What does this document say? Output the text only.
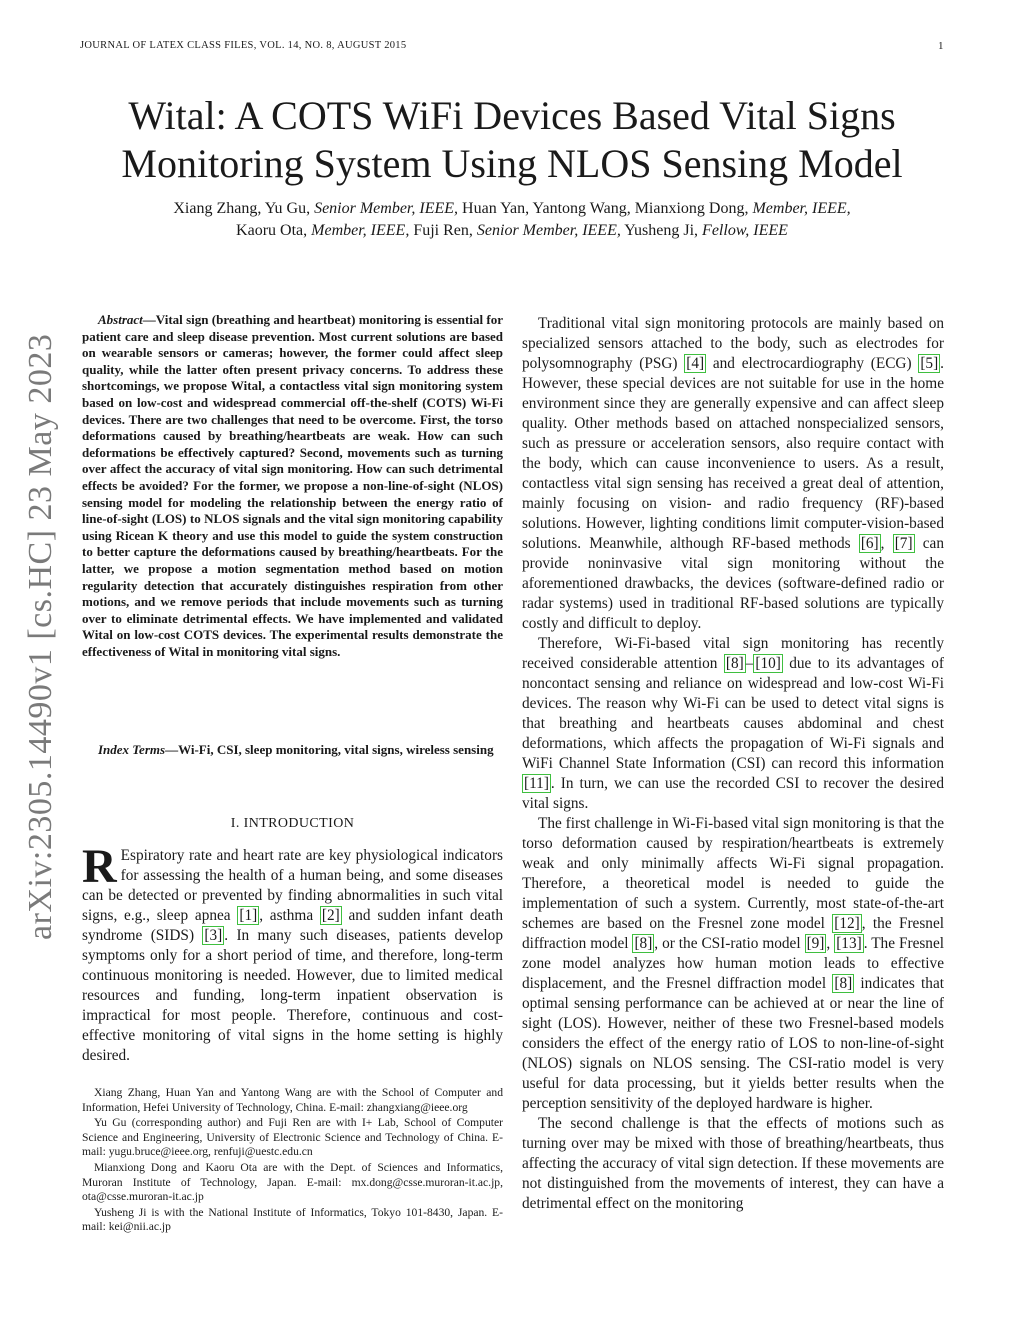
JOURNAL OF LATEX CLASS FILES, VOL. 14, NO. 8, AUGUST 2015	1
Wital: A COTS WiFi Devices Based Vital Signs Monitoring System Using NLOS Sensing Model
Xiang Zhang, Yu Gu, Senior Member, IEEE, Huan Yan, Yantong Wang, Mianxiong Dong, Member, IEEE,
Kaoru Ota, Member, IEEE, Fuji Ren, Senior Member, IEEE, Yusheng Ji, Fellow, IEEE
arXiv:2305.14490v1 [cs.HC] 23 May 2023
Abstract—Vital sign (breathing and heartbeat) monitoring is essential for patient care and sleep disease prevention. Most current solutions are based on wearable sensors or cameras; however, the former could affect sleep quality, while the latter often present privacy concerns. To address these shortcomings, we propose Wital, a contactless vital sign monitoring system based on low-cost and widespread commercial off-the-shelf (COTS) Wi-Fi devices. There are two challenges that need to be overcome. First, the torso deformations caused by breathing/heartbeats are weak. How can such deformations be effectively captured? Second, movements such as turning over affect the accuracy of vital sign monitoring. How can such detrimental effects be avoided? For the former, we propose a non-line-of-sight (NLOS) sensing model for modeling the relationship between the energy ratio of line-of-sight (LOS) to NLOS signals and the vital sign monitoring capability using Ricean K theory and use this model to guide the system construction to better capture the deformations caused by breathing/heartbeats. For the latter, we propose a motion segmentation method based on motion regularity detection that accurately distinguishes respiration from other motions, and we remove periods that include movements such as turning over to eliminate detrimental effects. We have implemented and validated Wital on low-cost COTS devices. The experimental results demonstrate the effectiveness of Wital in monitoring vital signs.
Index Terms—Wi-Fi, CSI, sleep monitoring, vital signs, wireless sensing
I. INTRODUCTION
R Espiratory rate and heart rate are key physiological indicators for assessing the health of a human being, and some diseases can be detected or prevented by finding abnormalities in such vital signs, e.g., sleep apnea [1] , asthma [2] and sudden infant death syndrome (SIDS) [3] . In many such diseases, patients develop symptoms only for a short period of time, and therefore, long-term continuous monitoring is needed. However, due to limited medical resources and funding, long-term inpatient observation is impractical for most people. Therefore, continuous and cost-effective monitoring of vital signs in the home setting is highly desired.

Xiang Zhang, Huan Yan and Yantong Wang are with the School of Computer and Information, Hefei University of Technology, China. E-mail: zhangxiang@ieee.org

Yu Gu (corresponding author) and Fuji Ren are with I+ Lab, School of Computer Science and Engineering, University of Electronic Science and Technology of China. E-mail: yugu.bruce@ieee.org, renfuji@uestc.edu.cn

Mianxiong Dong and Kaoru Ota are with the Dept. of Sciences and Informatics, Muroran Institute of Technology, Japan. E-mail: mx.dong@csse.muroran-it.ac.jp, ota@csse.muroran-it.ac.jp

Yusheng Ji is with the National Institute of Informatics, Tokyo 101-8430, Japan. E-mail: kei@nii.ac.jp

Traditional vital sign monitoring protocols are mainly based on specialized sensors attached to the body, such as electrodes for polysomnography (PSG) [4] and electrocardiography (ECG) [5] . However, these special devices are not suitable for use in the home environment since they are generally expensive and can affect sleep quality. Other methods based on attached nonspecialized sensors, such as pressure or acceleration sensors, also require contact with the body, which can cause inconvenience to users. As a result, contactless vital sign sensing has received a great deal of attention, mainly focusing on vision- and radio frequency (RF)-based solutions. However, lighting conditions limit computer-vision-based solutions. Meanwhile, although RF-based methods [6] , [7] can provide noninvasive vital sign monitoring without the aforementioned drawbacks, the devices (software-defined radio or radar systems) used in traditional RF-based solutions are typically costly and difficult to deploy.

Therefore, Wi-Fi-based vital sign monitoring has recently received considerable attention [8] – [10] due to its advantages of noncontact sensing and reliance on widespread and low-cost Wi-Fi devices. The reason why Wi-Fi can be used to detect vital signs is that breathing and heartbeats causes abdominal and chest deformations, which affects the propagation of Wi-Fi signals and WiFi Channel State Information (CSI) can record this information [11] . In turn, we can use the recorded CSI to recover the desired vital signs.

The first challenge in Wi-Fi-based vital sign monitoring is that the torso deformation caused by respiration/heartbeats is extremely weak and only minimally affects Wi-Fi signal propagation. Therefore, a theoretical model is needed to guide the implementation of such a system. Currently, most state-of-the-art schemes are based on the Fresnel zone model [12] , the Fresnel diffraction model [8] , or the CSI-ratio model [9] , [13] . The Fresnel zone model analyzes how human motion leads to effective displacement, and the Fresnel diffraction model [8] indicates that optimal sensing performance can be achieved at or near the line of sight (LOS). However, neither of these two Fresnel-based models considers the effect of the energy ratio of LOS to non-line-of-sight (NLOS) signals on NLOS sensing. The CSI-ratio model is very useful for data processing, but it yields better results when the perception sensitivity of the deployed hardware is higher.

The second challenge is that the effects of motions such as turning over may be mixed with those of breathing/heartbeats, thus affecting the accuracy of vital sign detection. If these movements are not distinguished from the movements of interest, they can have a detrimental effect on the monitoring
